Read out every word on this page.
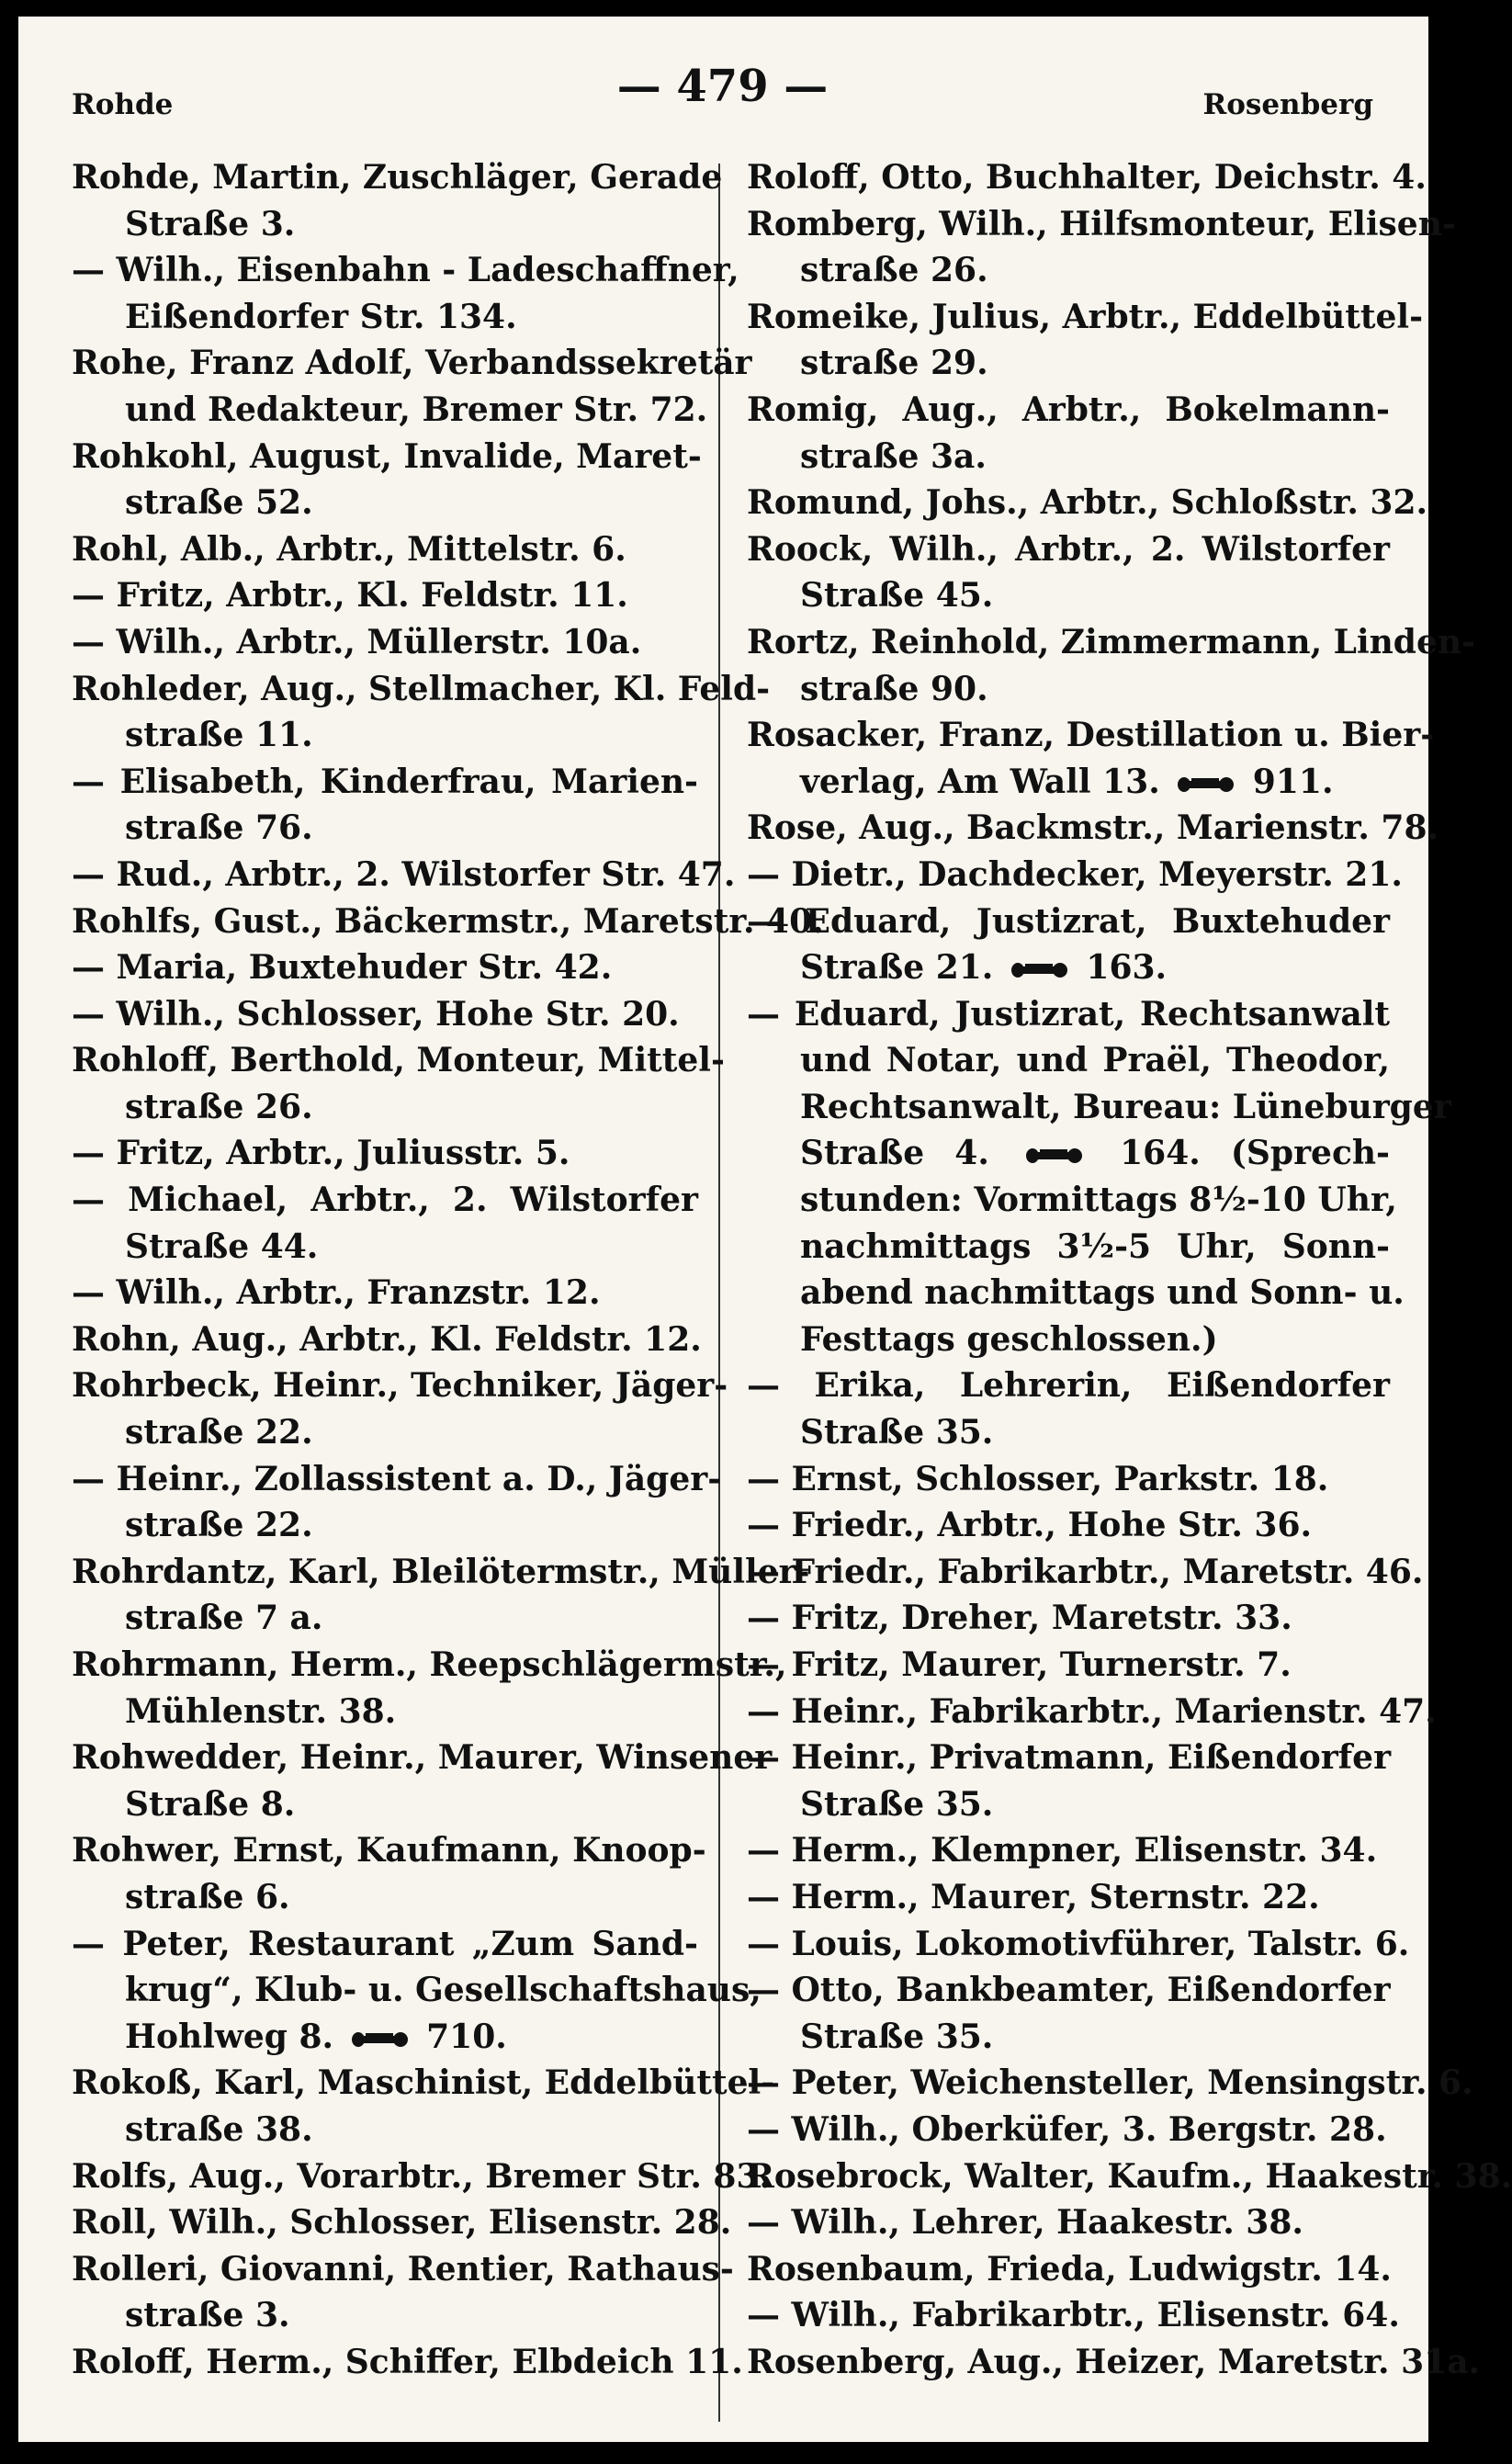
Rohde	— 479 —	Rosenberg
Rohde, Martin, Zuschläger, Gerade
Straße 3.
— Wilh., Eisenbahn - Ladeschaffner,
Eißendorfer Str. 134.
Rohe, Franz Adolf, Verbandssekretär
und Redakteur, Bremer Str. 72.
Rohkohl, August, Invalide, Maret-
straße 52.
Rohl, Alb., Arbtr., Mittelstr. 6.
— Fritz, Arbtr., Kl. Feldstr. 11.
— Wilh., Arbtr., Müllerstr. 10a.
Rohleder, Aug., Stellmacher, Kl. Feld-
straße 11.
— Elisabeth, Kinderfrau, Marien-
straße 76.
— Rud., Arbtr., 2. Wilstorfer Str. 47.
Rohlfs, Gust., Bäckermstr., Maretstr. 40.
— Maria, Buxtehuder Str. 42.
— Wilh., Schlosser, Hohe Str. 20.
Rohloff, Berthold, Monteur, Mittel-
straße 26.
— Fritz, Arbtr., Juliusstr. 5.
— Michael, Arbtr., 2. Wilstorfer
Straße 44.
— Wilh., Arbtr., Franzstr. 12.
Rohn, Aug., Arbtr., Kl. Feldstr. 12.
Rohrbeck, Heinr., Techniker, Jäger-
straße 22.
— Heinr., Zollassistent a. D., Jäger-
straße 22.
Rohrdantz, Karl, Bleilötermstr., Müller-
straße 7 a.
Rohrmann, Herm., Reepschlägermstr.,
Mühlenstr. 38.
Rohwedder, Heinr., Maurer, Winsener
Straße 8.
Rohwer, Ernst, Kaufmann, Knoop-
straße 6.
— Peter, Restaurant „Zum Sand-
krug“, Klub- u. Gesellschaftshaus,
Hohlweg 8.  710.
Rokoß, Karl, Maschinist, Eddelbüttel-
straße 38.
Rolfs, Aug., Vorarbtr., Bremer Str. 83.
Roll, Wilh., Schlosser, Elisenstr. 28.
Rolleri, Giovanni, Rentier, Rathaus-
straße 3.
Roloff, Herm., Schiffer, Elbdeich 11.
Roloff, Otto, Buchhalter, Deichstr. 4.
Romberg, Wilh., Hilfsmonteur, Elisen-
straße 26.
Romeike, Julius, Arbtr., Eddelbüttel-
straße 29.
Romig, Aug., Arbtr., Bokelmann-
straße 3a.
Romund, Johs., Arbtr., Schloßstr. 32.
Roock, Wilh., Arbtr., 2. Wilstorfer
Straße 45.
Rortz, Reinhold, Zimmermann, Linden-
straße 90.
Rosacker, Franz, Destillation u. Bier-
verlag, Am Wall 13.  911.
Rose, Aug., Backmstr., Marienstr. 78.
— Dietr., Dachdecker, Meyerstr. 21.
— Eduard, Justizrat, Buxtehuder
Straße 21.  163.
— Eduard, Justizrat, Rechtsanwalt
und Notar, und Praël, Theodor,
Rechtsanwalt, Bureau: Lüneburger
Straße 4.  164. (Sprech-
stunden: Vormittags 8½-10 Uhr,
nachmittags 3½-5 Uhr, Sonn-
abend nachmittags und Sonn- u.
Festtags geschlossen.)
— Erika, Lehrerin, Eißendorfer
Straße 35.
— Ernst, Schlosser, Parkstr. 18.
— Friedr., Arbtr., Hohe Str. 36.
— Friedr., Fabrikarbtr., Maretstr. 46.
— Fritz, Dreher, Maretstr. 33.
— Fritz, Maurer, Turnerstr. 7.
— Heinr., Fabrikarbtr., Marienstr. 47.
— Heinr., Privatmann, Eißendorfer
Straße 35.
— Herm., Klempner, Elisenstr. 34.
— Herm., Maurer, Sternstr. 22.
— Louis, Lokomotivführer, Talstr. 6.
— Otto, Bankbeamter, Eißendorfer
Straße 35.
— Peter, Weichensteller, Mensingstr. 6.
— Wilh., Oberküfer, 3. Bergstr. 28.
Rosebrock, Walter, Kaufm., Haakestr. 38.
— Wilh., Lehrer, Haakestr. 38.
Rosenbaum, Frieda, Ludwigstr. 14.
— Wilh., Fabrikarbtr., Elisenstr. 64.
Rosenberg, Aug., Heizer, Maretstr. 31a.
